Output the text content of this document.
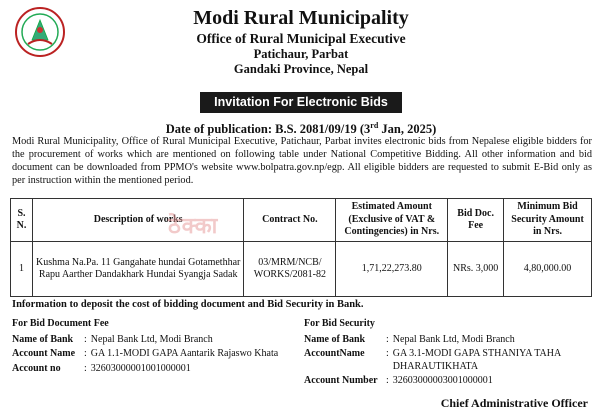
Modi Rural Municipality
Office of Rural Municipal Executive
Patichaur, Parbat
Gandaki Province, Nepal
Invitation For Electronic Bids
Date of publication: B.S. 2081/09/19 (3rd Jan, 2025)
Modi Rural Municipality, Office of Rural Municipal Executive, Patichaur, Parbat invites electronic bids from Nepalese eligible bidders for the procurement of works which are mentioned on following table under National Competitive Bidding. All other information and bid document can be downloaded from PPMO's website www.bolpatra.gov.np/egp. All eligible bidders are requested to submit E-Bid only as per instruction within the mentioned period.
S. N.	Description of works	Contract No.	Estimated Amount (Exclusive of VAT & Contingencies) in Nrs.	Bid Doc. Fee	Minimum Bid Security Amount in Nrs.
1	Kushma Na.Pa. 11 Gangahate hundai Gotamethhar Rapu Aarther Dandakhark Hundai Syangja Sadak	03/MRM/NCB/ WORKS/2081-82	1,71,22,273.80	NRs. 3,000	4,80,000.00
ठेक्का
Information to deposit the cost of bidding document and Bid Security in Bank.
For Bid Document Fee
Name of Bank	: Nepal Bank Ltd, Modi Branch
Account Name : GA 1.1-MODI GAPA Aantarik Rajaswo Khata
Account no	: 3260300000100100000​1
For Bid Security
Name of Bank	: Nepal Bank Ltd, Modi Branch
AccountName	: GA 3.1-MODI GAPA STHANIYA TAHA DHARAUTIKHATA
Account Number : 3260300000300100000​1
Chief Administrative Officer
